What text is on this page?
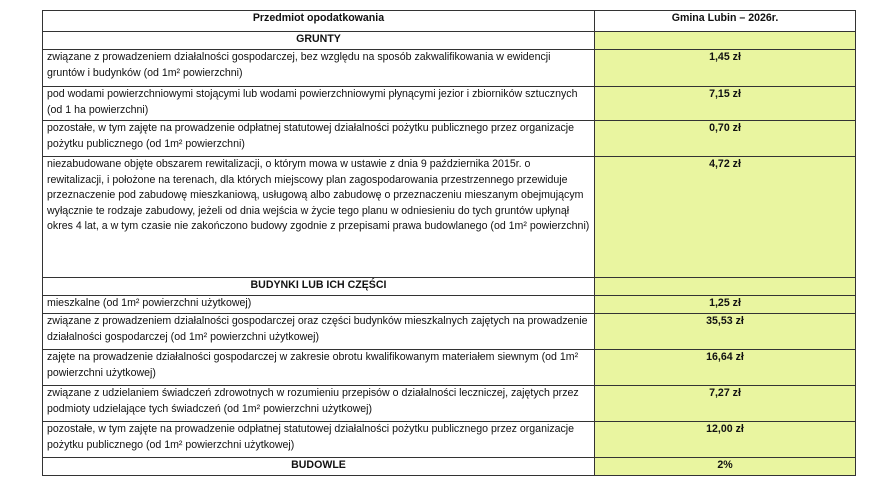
Przedmiot opodatkowania	Gmina Lubin – 2026r.
GRUNTY	
związane z prowadzeniem działalności gospodarczej, bez względu na sposób zakwalifikowania w ewidencji gruntów i budynków (od 1m² powierzchni)	1,45 zł
pod wodami powierzchniowymi stojącymi lub wodami powierzchniowymi płynącymi jezior i zbiorników sztucznych (od 1 ha powierzchni)	7,15 zł
pozostałe, w tym zajęte na prowadzenie odpłatnej statutowej działalności pożytku publicznego przez organizacje pożytku publicznego (od 1m² powierzchni)	0,70 zł
niezabudowane objęte obszarem rewitalizacji, o którym mowa w ustawie z dnia 9 października 2015r. o rewitalizacji, i położone na terenach, dla których miejscowy plan zagospodarowania przestrzennego przewiduje przeznaczenie pod zabudowę mieszkaniową, usługową albo zabudowę o przeznaczeniu mieszanym obejmującym wyłącznie te rodzaje zabudowy, jeżeli od dnia wejścia w życie tego planu w odniesieniu do tych gruntów upłynął okres 4 lat, a w tym czasie nie zakończono budowy zgodnie z przepisami prawa budowlanego (od 1m² powierzchni)	4,72 zł
BUDYNKI LUB ICH CZĘŚCI	
mieszkalne (od 1m² powierzchni użytkowej)	1,25 zł
związane z prowadzeniem działalności gospodarczej oraz części budynków mieszkalnych zajętych na prowadzenie działalności gospodarczej (od 1m² powierzchni użytkowej)	35,53 zł
zajęte na prowadzenie działalności gospodarczej w zakresie obrotu kwalifikowanym materiałem siewnym (od 1m² powierzchni użytkowej)	16,64 zł
związane z udzielaniem świadczeń zdrowotnych w rozumieniu przepisów o działalności leczniczej, zajętych przez podmioty udzielające tych świadczeń (od 1m² powierzchni użytkowej)	7,27 zł
pozostałe, w tym zajęte na prowadzenie odpłatnej statutowej działalności pożytku publicznego przez organizacje pożytku publicznego (od 1m² powierzchni użytkowej)	12,00 zł
BUDOWLE	2%
